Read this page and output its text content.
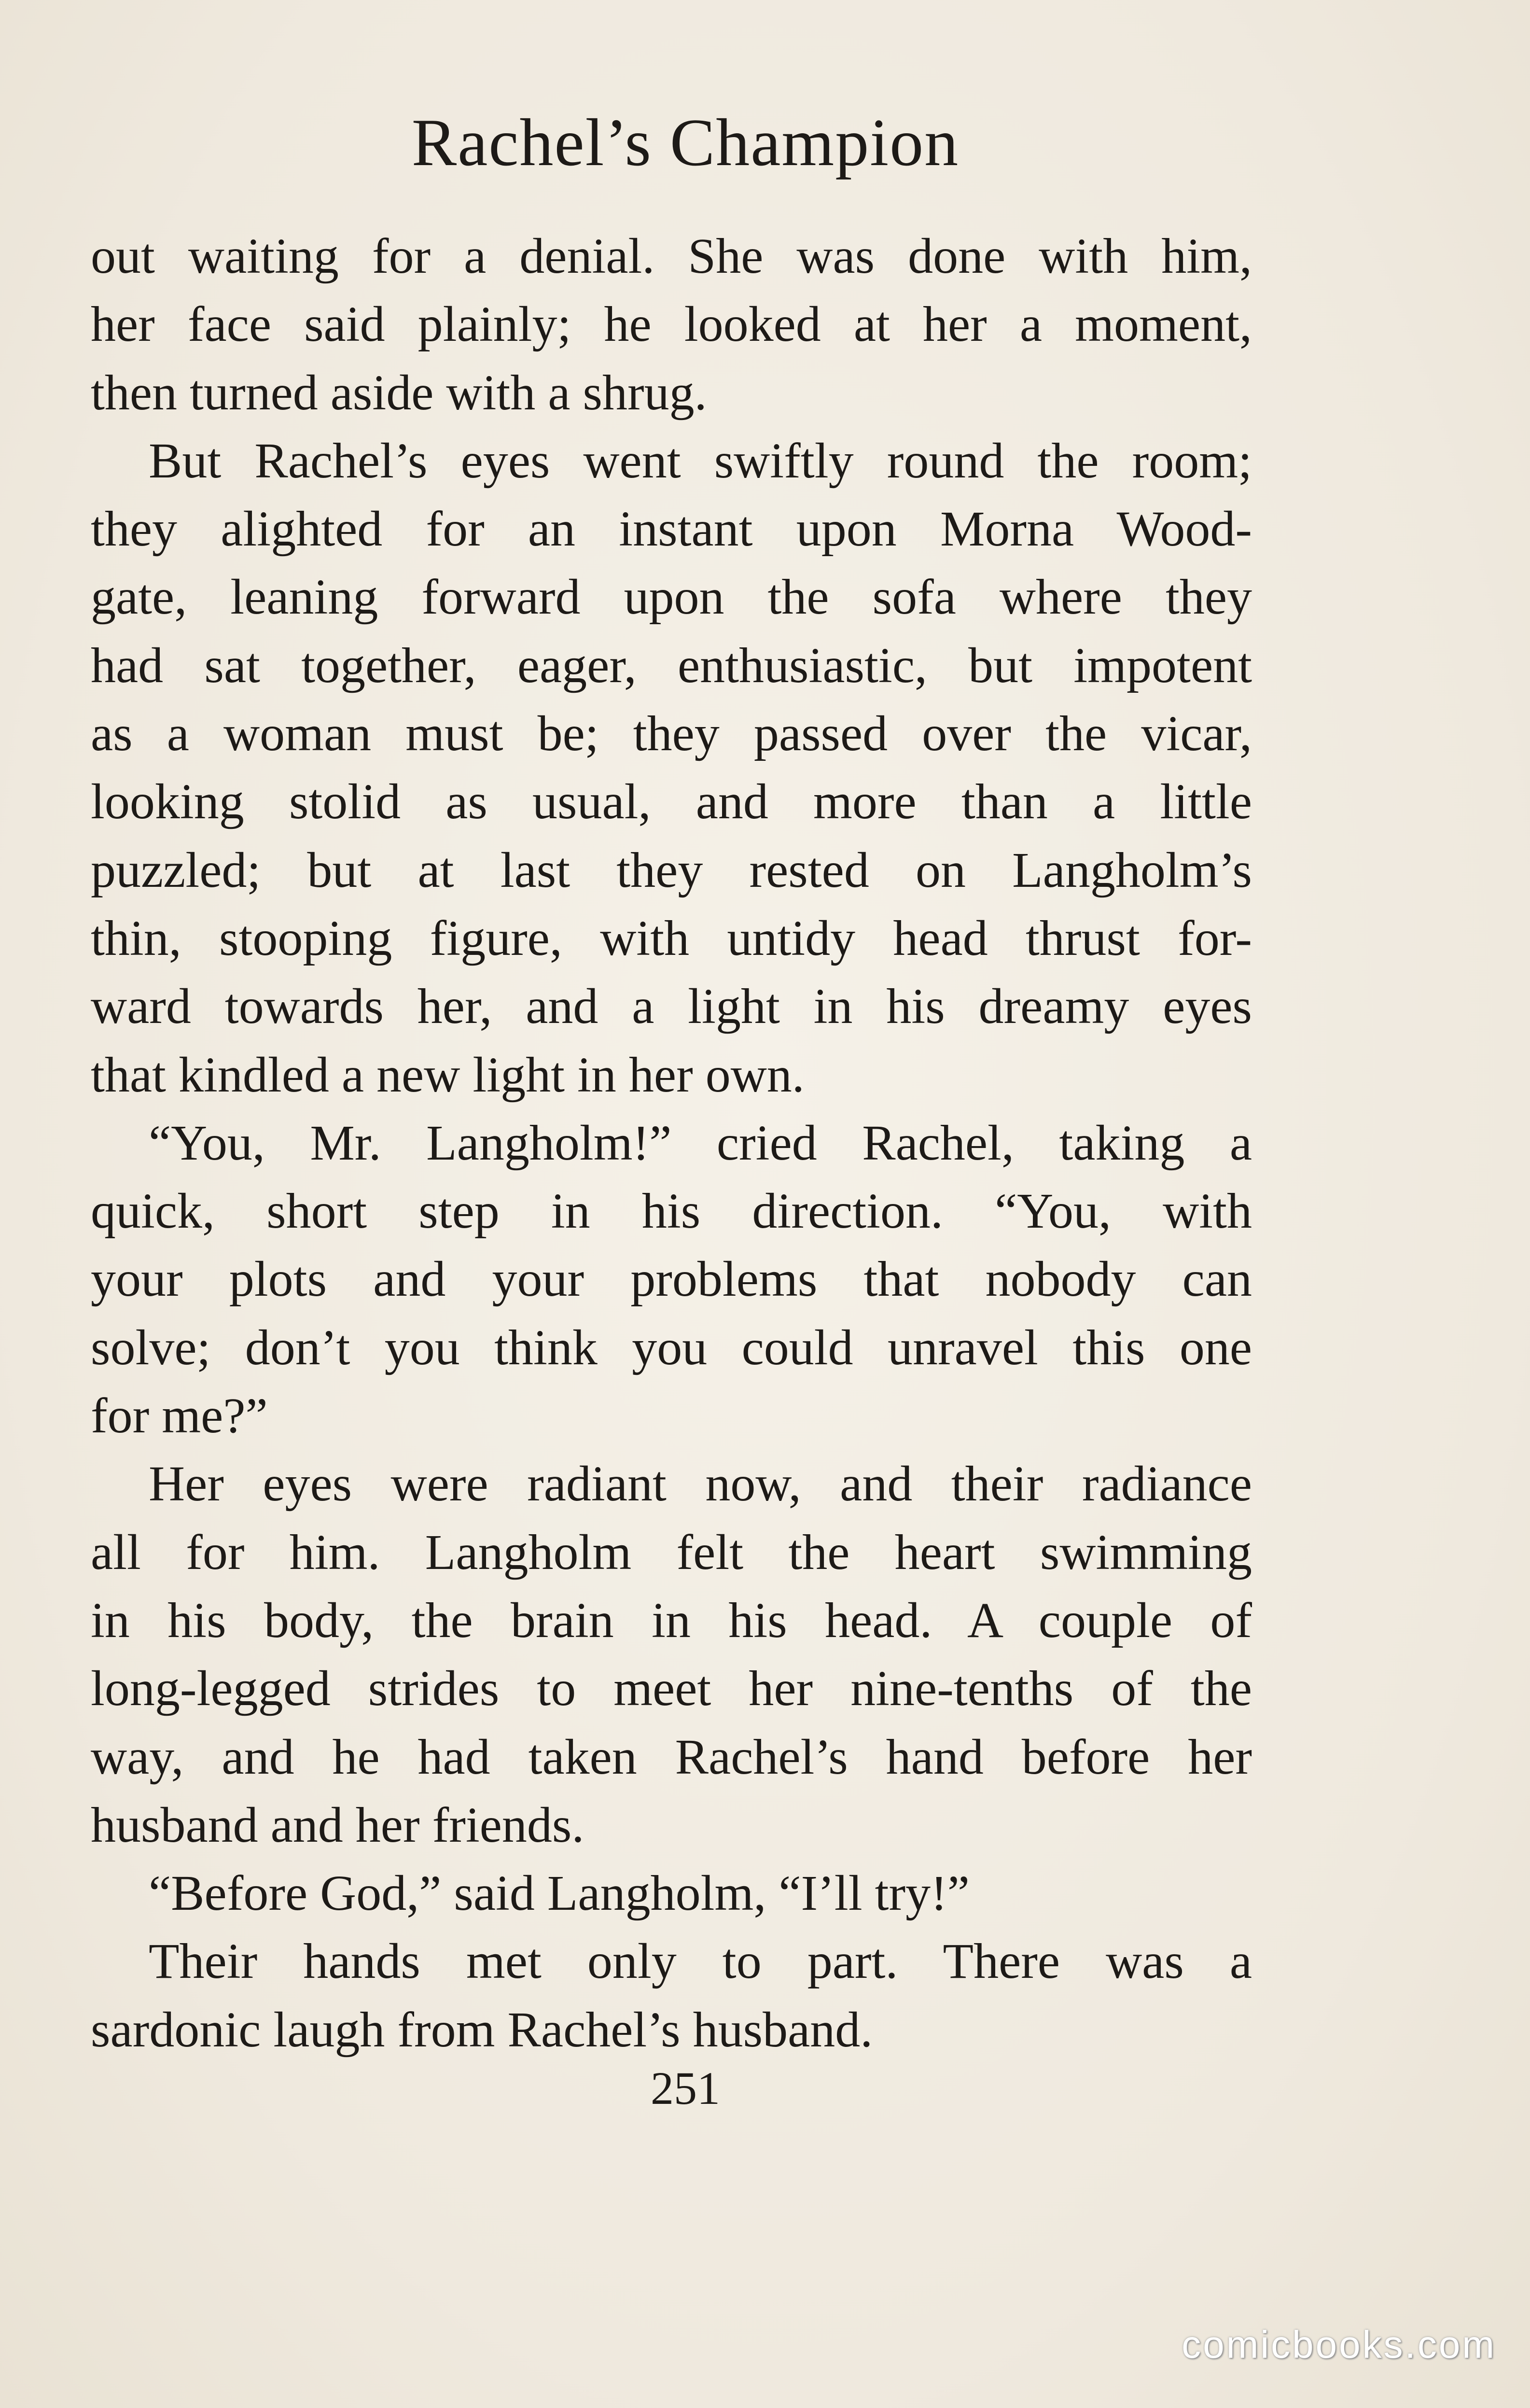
Rachel’s Champion
out waiting for a denial. She was done with him,
her face said plainly; he looked at her a moment,
then turned aside with a shrug.
But Rachel’s eyes went swiftly round the room;
they alighted for an instant upon Morna Wood-
gate, leaning forward upon the sofa where they
had sat together, eager, enthusiastic, but impotent
as a woman must be; they passed over the vicar,
looking stolid as usual, and more than a little
puzzled; but at last they rested on Langholm’s
thin, stooping figure, with untidy head thrust for-
ward towards her, and a light in his dreamy eyes
that kindled a new light in her own.
“You, Mr. Langholm!” cried Rachel, taking a
quick, short step in his direction. “You, with
your plots and your problems that nobody can
solve; don’t you think you could unravel this one
for me?”
Her eyes were radiant now, and their radiance
all for him. Langholm felt the heart swimming
in his body, the brain in his head. A couple of
long-legged strides to meet her nine-tenths of the
way, and he had taken Rachel’s hand before her
husband and her friends.
“Before God,” said Langholm, “I’ll try!”
Their hands met only to part. There was a
sardonic laugh from Rachel’s husband.
251
comicbooks.com
